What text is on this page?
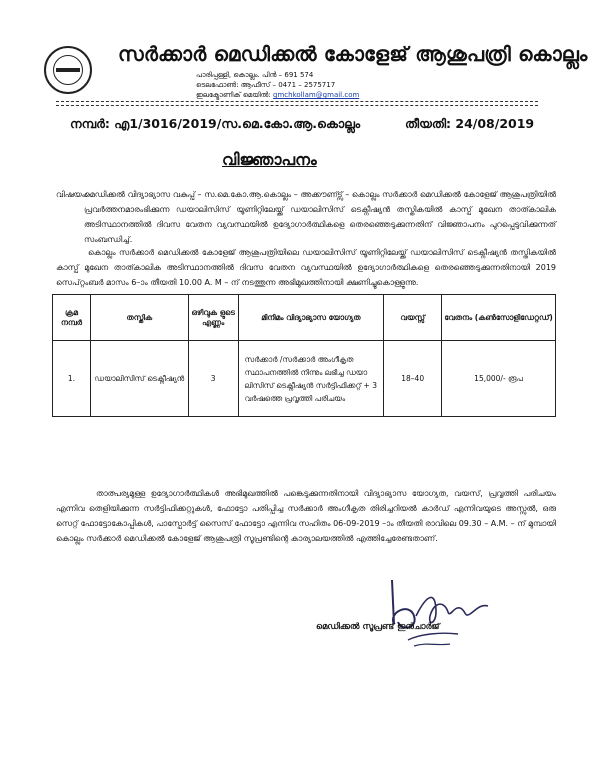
സർക്കാർ മെഡിക്കൽ കോളേജ് ആശുപത്രി കൊല്ലം
പാരിപ്പള്ളി, കൊല്ലം. പിൻ – 691 574
ടെലഫോൺ: ആഫീസ് – 0471 – 2575717
ഇലക്ട്രോണിക് മെയിൽ: gmchkollam@gmail.com
നമ്പർ: എ1/3016/2019/സ.മെ.കോ.ആ.കൊല്ലം	തീയതി: 24/08/2019
വിജ്ഞാപനം
വിഷയം:-
മെഡിക്കൽ വിദ്യാഭ്യാസ വകുപ്പ് – സ.മെ.കോ.ആ.കൊല്ലം – അക്കൗണ്ട്സ് – കൊല്ലം സർക്കാർ മെഡിക്കൽ കോളേജ് ആശുപത്രിയിൽ പ്രവർത്തനമാരംഭിക്കുന്ന ഡയാലിസിസ് യൂണിറ്റിലേയ്ക്ക് ഡയാലിസിസ് ടെക്നീഷ്യൻ തസ്തികയിൽ കാസ്പ് മുഖേന താത്കാലിക അടിസ്ഥാനത്തിൽ ദിവസ വേതന വ്യവസ്ഥയിൽ ഉദ്യോഗാർത്ഥികളെ തെരഞ്ഞെടുക്കുന്നതിന് വിജ്ഞാപനം പുറപ്പെടുവിക്കുന്നത് സംബന്ധിച്ച്.
കൊല്ലം സർക്കാർ മെഡിക്കൽ കോളേജ് ആശുപത്രിയിലെ ഡയാലിസിസ് യൂണിറ്റിലേയ്ക്ക് ഡയാലിസിസ് ടെക്നീഷ്യൻ തസ്തികയിൽ കാസ്പ് മുഖേന താത്കാലിക അടിസ്ഥാനത്തിൽ ദിവസ വേതന വ്യവസ്ഥയിൽ ഉദ്യോഗാർത്ഥികളെ തെരഞ്ഞെടുക്കുന്നതിനായി 2019 സെപ്റ്റംബർ മാസം 6–ാം തീയതി 10.00 A. M – ന് നടത്തുന്ന അഭിമുഖത്തിനായി ക്ഷണിച്ചുകൊള്ളുന്നു.
ക്രമ നമ്പർ	തസ്തിക	ഒഴിവുക ളുടെ എണ്ണം	മിനിമം വിദ്യാഭ്യാസ യോഗ്യത	വയസ്സ്	വേതനം (കൺസോളിഡേറ്റഡ്)
1.	ഡയാലിസിസ് ടെക്നീഷ്യൻ	3	സർക്കാർ /സർക്കാർ അംഗീകൃത സ്ഥാപനത്തിൽ നിന്നും ലഭിച്ച ഡയാ ലിസിസ് ടെക്നീഷ്യൻ സർട്ടിഫിക്കറ്റ് + 3 വർഷത്തെ പ്രവൃത്തി പരിചയം	18–40	15,000/- രൂപ
താത്പര്യമുള്ള ഉദ്യോഗാർത്ഥികൾ അഭിമുഖത്തിൽ പങ്കെടുക്കുന്നതിനായി വിദ്യാഭ്യാസ യോഗ്യത, വയസ്, പ്രവൃത്തി പരിചയം എന്നിവ തെളിയിക്കുന്ന സർട്ടിഫിക്കറ്റുകൾ, ഫോട്ടോ പതിപ്പിച്ച സർക്കാർ അംഗീകൃത തിരിച്ചറിയൽ കാർഡ് എന്നിവയുടെ അസ്സൽ, ഒരു സെറ്റ് ഫോട്ടോകോപ്പികൾ, പാസ്പോർട്ട് സൈസ് ഫോട്ടോ എന്നിവ സഹിതം 06-09-2019 –ാം തീയതി രാവിലെ 09.30 – A.M. – ന് മുമ്പായി കൊല്ലം സർക്കാർ മെഡിക്കൽ കോളേജ് ആശുപത്രി സൂപ്രണ്ടിന്റെ കാര്യാലയത്തിൽ എത്തിച്ചേരേണ്ടതാണ്.
മെഡിക്കൽ സൂപ്രണ്ട് ഇൻചാർജ്
